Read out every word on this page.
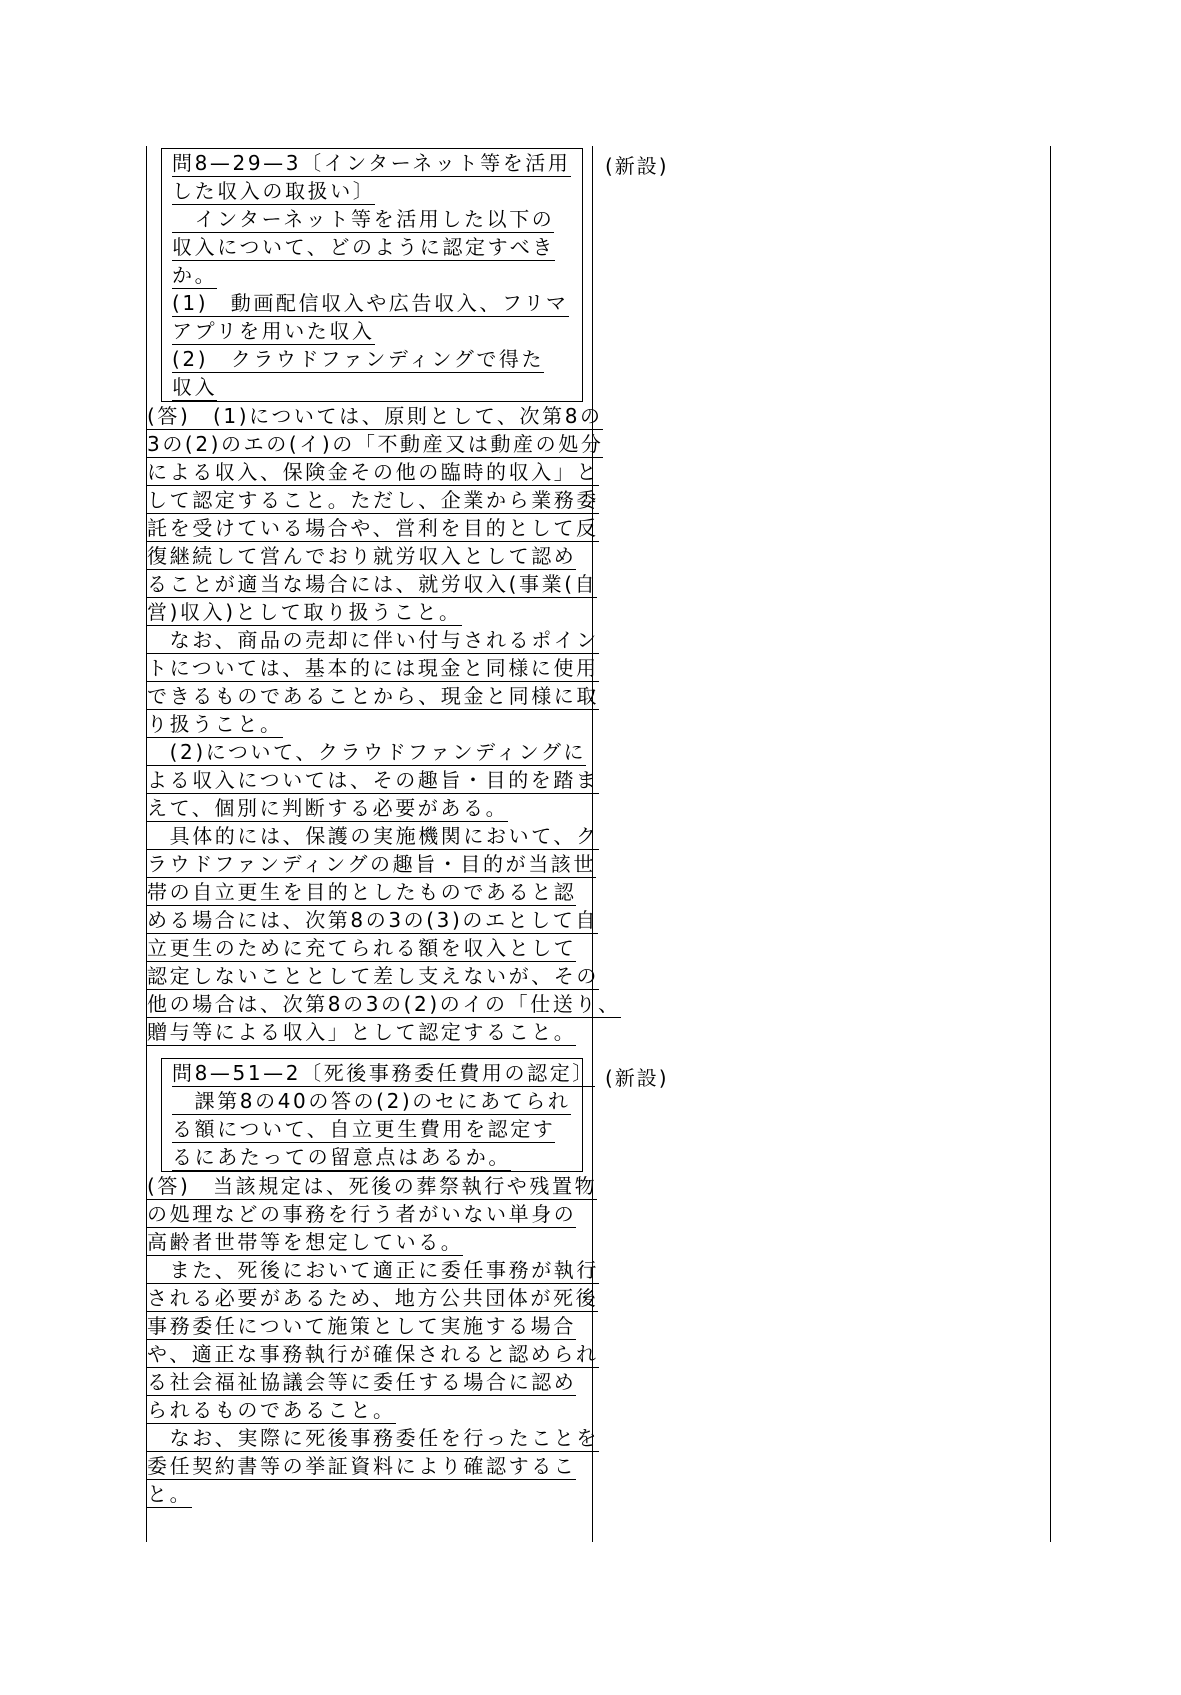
問8—29—3〔インターネット等を活用
した収入の取扱い〕
　インターネット等を活用した以下の
収入について、どのように認定すべき
か。
(1)　動画配信収入や広告収入、フリマ
アプリを用いた収入
(2)　クラウドファンディングで得た
収入
(答)　(1)については、原則として、次第8の
3の(2)のエの(イ)の「不動産又は動産の処分
による収入、保険金その他の臨時的収入」と
して認定すること。ただし、企業から業務委
託を受けている場合や、営利を目的として反
復継続して営んでおり就労収入として認め
ることが適当な場合には、就労収入(事業(自
営)収入)として取り扱うこと。
　なお、商品の売却に伴い付与されるポイン
トについては、基本的には現金と同様に使用
できるものであることから、現金と同様に取
り扱うこと。
　(2)について、クラウドファンディングに
よる収入については、その趣旨・目的を踏ま
えて、個別に判断する必要がある。
　具体的には、保護の実施機関において、ク
ラウドファンディングの趣旨・目的が当該世
帯の自立更生を目的としたものであると認
める場合には、次第8の3の(3)のエとして自
立更生のために充てられる額を収入として
認定しないこととして差し支えないが、その
他の場合は、次第8の3の(2)のイの「仕送り、
贈与等による収入」として認定すること。
(新設)
問8—51—2〔死後事務委任費用の認定〕
　課第8の40の答の(2)のセにあてられ
る額について、自立更生費用を認定す
るにあたっての留意点はあるか。
(答)　当該規定は、死後の葬祭執行や残置物
の処理などの事務を行う者がいない単身の
高齢者世帯等を想定している。
　また、死後において適正に委任事務が執行
される必要があるため、地方公共団体が死後
事務委任について施策として実施する場合
や、適正な事務執行が確保されると認められ
る社会福祉協議会等に委任する場合に認め
られるものであること。
　なお、実際に死後事務委任を行ったことを
委任契約書等の挙証資料により確認するこ
と。
(新設)
